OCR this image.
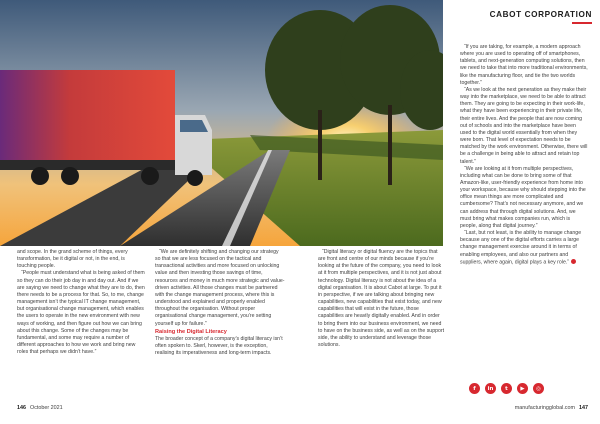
CABOT CORPORATION

and scope. In the grand scheme of things, every transformation, be it digital or not, in the end, is touching people.

“People must understand what is being asked of them so they can do their job day in and day out. And if we are saying we need to change what they are to do, then there needs to be a process for that. So, to me, change management isn’t the typical IT change management, but organisational change management, which enables the users to operate in the new environment with new ways of working, and then figure out how we can bring about this change. Some of the changes may be fundamental, and some may require a number of different approaches to how we work and bring new roles that perhaps we didn’t have.”

“We are definitely shifting and changing our strategy so that we are less focused on the tactical and transactional activities and more focused on unlocking value and then investing those savings of time, resources and money in much more strategic and value-driven activities. All those changes must be partnered with the change management process, where this is understood and explained and properly enabled throughout the organisation. Without proper organisational change management, you’re setting yourself up for failure.”

Raising the Digital Literacy

The broader concept of a company’s digital literacy isn’t often spoken to. Skerl, however, is the exception, realising its imperativeness and long-term impacts.

“Digital literacy or digital fluency are the topics that are front and centre of our minds because if you’re looking at the future of the company, you need to look at it from multiple perspectives, and it is not just about technology. Digital literacy is not about the idea of a digital organisation. It is about Cabot at large. To put it in perspective, if we are talking about bringing new capabilities, new capabilities that exist today, and new capabilities that will exist in the future, those capabilities are heavily digitally enabled. And in order to bring them into our business environment, we need to have on the business side, as well as on the support side, the ability to understand and leverage those solutions.

“If you are taking, for example, a modern approach where you are used to operating off of smartphones, tablets, and next-generation computing solutions, then we need to take that into more traditional environments, like the manufacturing floor, and tie the two worlds together.”

“As we look at the next generation as they make their way into the marketplace, we need to be able to attract them. They are going to be expecting in their work-life, what they have been experiencing in their private life, their entire lives. And the people that are now coming out of schools and into the marketplace have been used to the digital world essentially from when they were born. That level of expectation needs to be matched by the work environment. Otherwise, there will be a challenge in being able to attract and retain top talent.”

“We are looking at it from multiple perspectives, including what can be done to bring some of that Amazon-like, user-friendly experience from home into your workspace, because why should stepping into the office mean things are more complicated and cumbersome? That’s not necessary anymore, and we can address that through digital solutions. And, we must bring what makes companies run, which is people, along that digital journey.”

“Last, but not least, is the ability to manage change because any one of the digital efforts carries a large change management exercise around it in terms of enabling employees, and also our partners and suppliers, where again, digital plays a key role.”

f	in	t	▶	◎
146 October 2021	manufacturingglobal.com 147
